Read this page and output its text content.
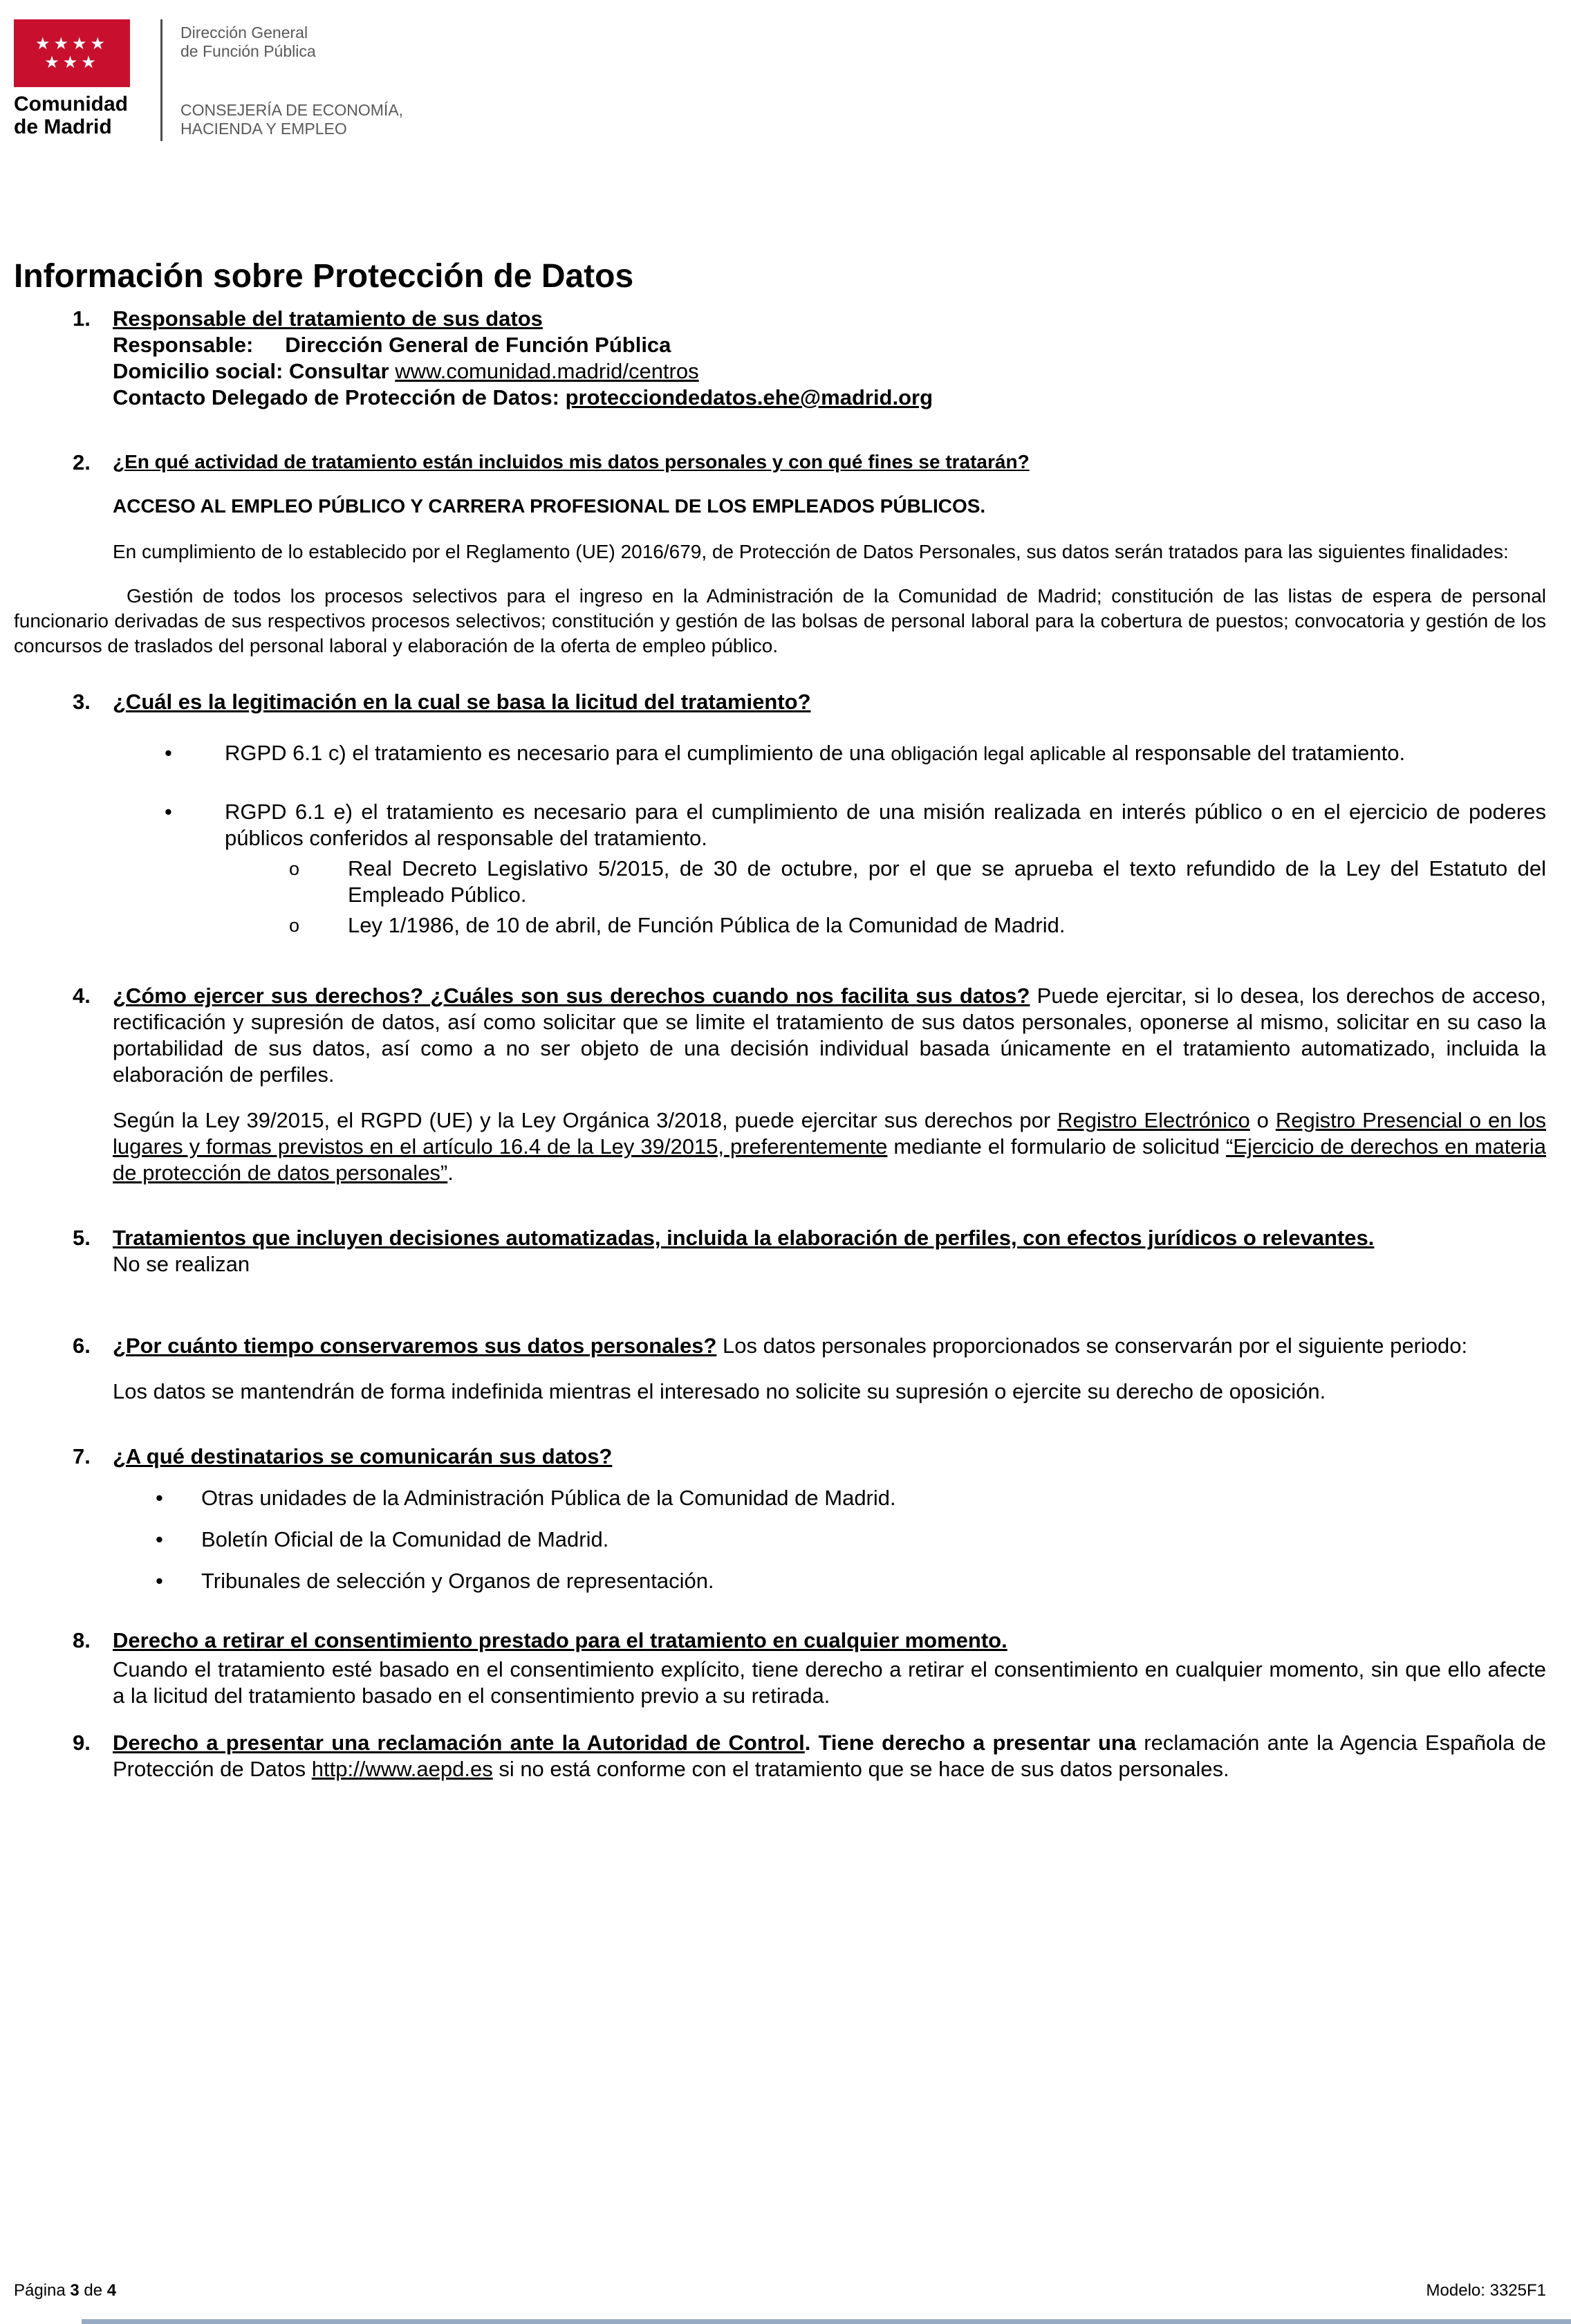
★★★★
★★★
Comunidad
de Madrid
Dirección General
de Función Pública
CONSEJERÍA DE ECONOMÍA,
HACIENDA Y EMPLEO
Información sobre Protección de Datos
1.	Responsable del tratamiento de sus datos
Responsable: Dirección General de Función Pública
Domicilio social: Consultar www.comunidad.madrid/centros
Contacto Delegado de Protección de Datos: protecciondedatos.ehe@madrid.org
2.	¿En qué actividad de tratamiento están incluidos mis datos personales y con qué fines se tratarán?

ACCESO AL EMPLEO PÚBLICO Y CARRERA PROFESIONAL DE LOS EMPLEADOS PÚBLICOS.

En cumplimiento de lo establecido por el Reglamento (UE) 2016/679, de Protección de Datos Personales, sus datos serán tratados para las siguientes finalidades:

Gestión de todos los procesos selectivos para el ingreso en la Administración de la Comunidad de Madrid; constitución de las listas de espera de personal funcionario derivadas de sus respectivos procesos selectivos; constitución y gestión de las bolsas de personal laboral para la cobertura de puestos; convocatoria y gestión de los concursos de traslados del personal laboral y elaboración de la oferta de empleo público.

3.	¿Cuál es la legitimación en la cual se basa la licitud del tratamiento?

•	RGPD 6.1 c) el tratamiento es necesario para el cumplimiento de una obligación legal aplicable al responsable del tratamiento.

•	RGPD 6.1 e) el tratamiento es necesario para el cumplimiento de una misión realizada en interés público o en el ejercicio de poderes públicos conferidos al responsable del tratamiento.

o	Real Decreto Legislativo 5/2015, de 30 de octubre, por el que se aprueba el texto refundido de la Ley del Estatuto del Empleado Público.

o	Ley 1/1986, de 10 de abril, de Función Pública de la Comunidad de Madrid.

4.	¿Cómo ejercer sus derechos? ¿Cuáles son sus derechos cuando nos facilita sus datos? Puede ejercitar, si lo desea, los derechos de acceso, rectificación y supresión de datos, así como solicitar que se limite el tratamiento de sus datos personales, oponerse al mismo, solicitar en su caso la portabilidad de sus datos, así como a no ser objeto de una decisión individual basada únicamente en el tratamiento automatizado, incluida la elaboración de perfiles.

Según la Ley 39/2015, el RGPD (UE) y la Ley Orgánica 3/2018, puede ejercitar sus derechos por Registro Electrónico o Registro Presencial o en los lugares y formas previstos en el artículo 16.4 de la Ley 39/2015, preferentemente mediante el formulario de solicitud “Ejercicio de derechos en materia de protección de datos personales”.

5.	Tratamientos que incluyen decisiones automatizadas, incluida la elaboración de perfiles, con efectos jurídicos o relevantes.

No se realizan
6.	¿Por cuánto tiempo conservaremos sus datos personales? Los datos personales proporcionados se conservarán por el siguiente periodo:

Los datos se mantendrán de forma indefinida mientras el interesado no solicite su supresión o ejercite su derecho de oposición.

7.	¿A qué destinatarios se comunicarán sus datos?

•	Otras unidades de la Administración Pública de la Comunidad de Madrid.

•	Boletín Oficial de la Comunidad de Madrid.

•	Tribunales de selección y Organos de representación.

8.	Derecho a retirar el consentimiento prestado para el tratamiento en cualquier momento.

Cuando el tratamiento esté basado en el consentimiento explícito, tiene derecho a retirar el consentimiento en cualquier momento, sin que ello afecte a la licitud del tratamiento basado en el consentimiento previo a su retirada.

9.	Derecho a presentar una reclamación ante la Autoridad de Control. Tiene derecho a presentar una reclamación ante la Agencia Española de Protección de Datos http://www.aepd.es si no está conforme con el tratamiento que se hace de sus datos personales.

Página 3 de 4	Modelo: 3325F1
